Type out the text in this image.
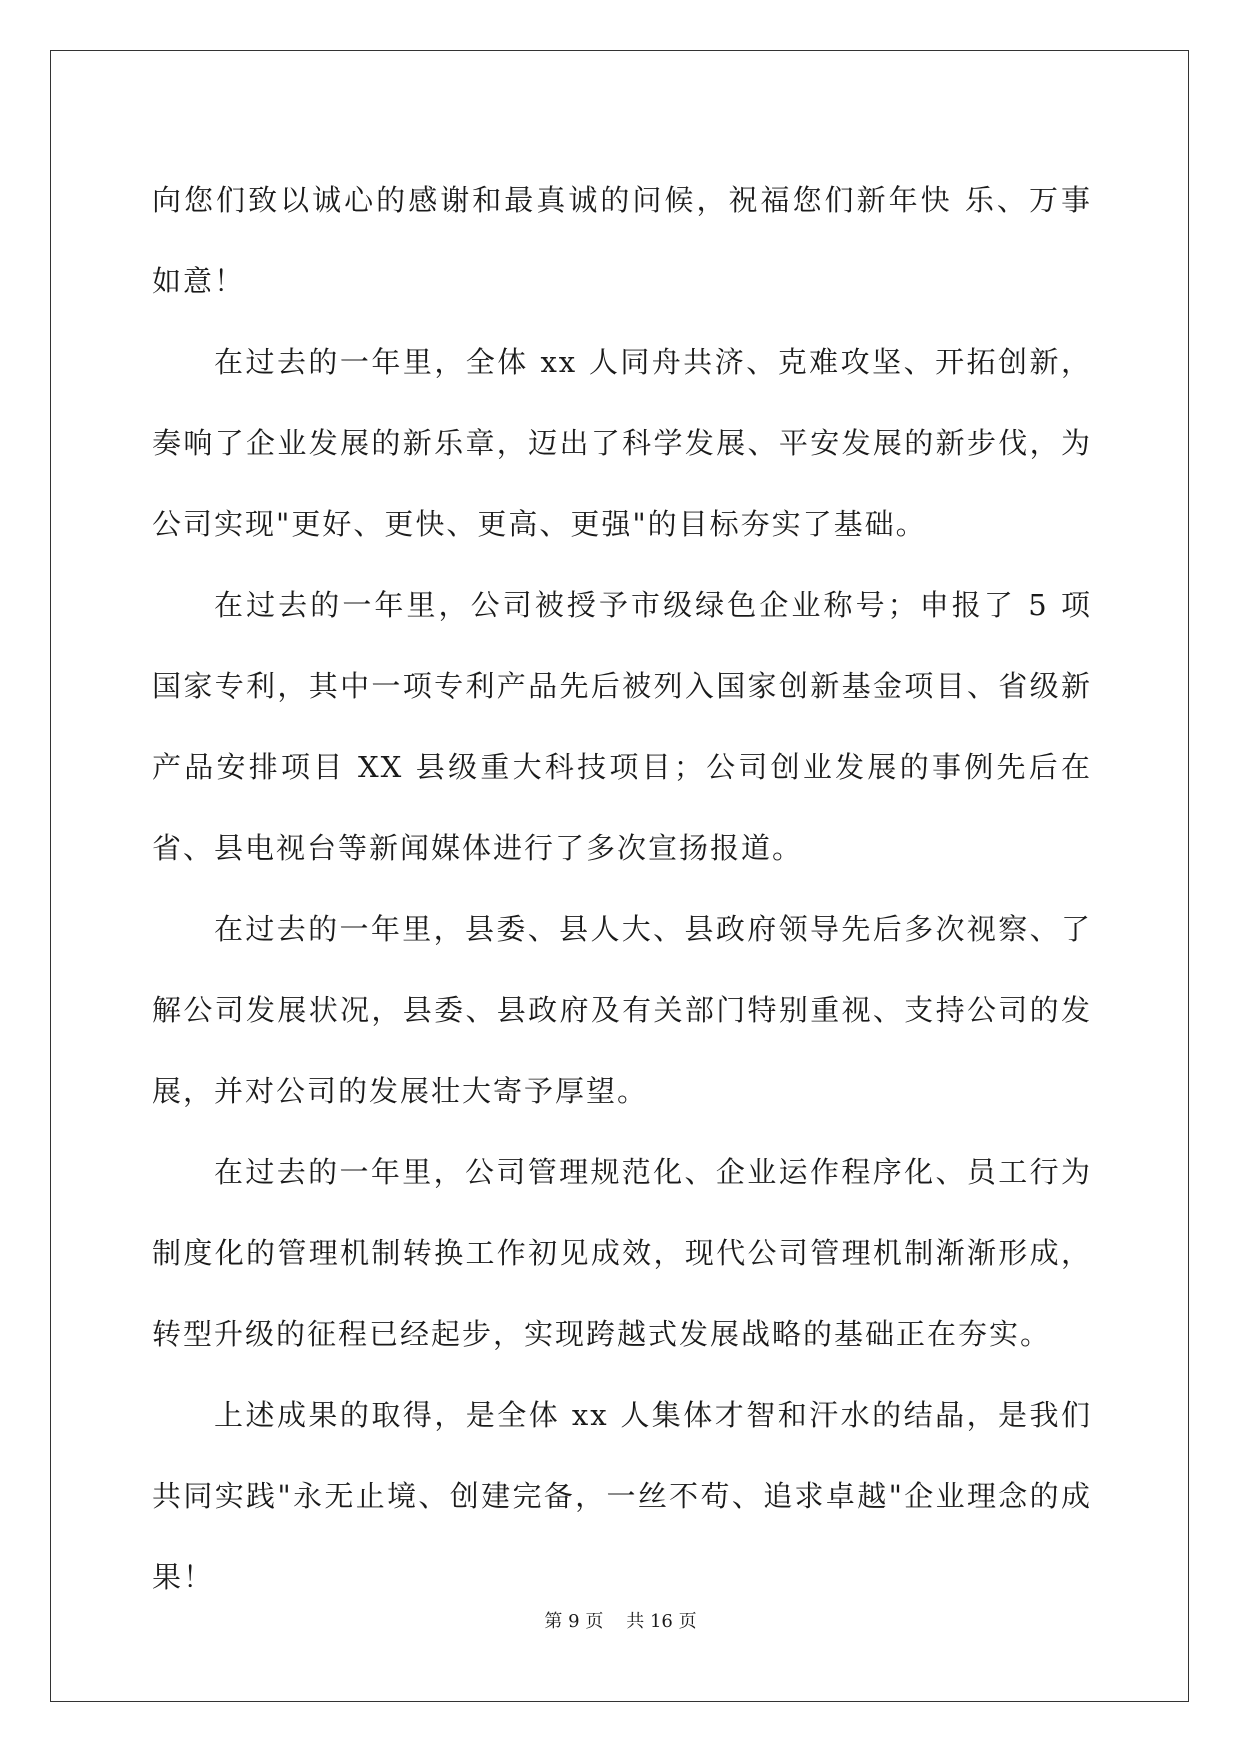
向您们致以诚心的感谢和最真诚的问候，祝福您们新年快 乐、万事如意！

在过去的一年里，全体 xx 人同舟共济、克难攻坚、开拓创新，奏响了企业发展的新乐章，迈出了科学发展、平安发展的新步伐，为公司实现"更好、更快、更高、更强"的目标夯实了基础。

在过去的一年里，公司被授予市级绿色企业称号；申报了 5 项国家专利，其中一项专利产品先后被列入国家创新基金项目、省级新产品安排项目 XX 县级重大科技项目；公司创业发展的事例先后在省、县电视台等新闻媒体进行了多次宣扬报道。

在过去的一年里，县委、县人大、县政府领导先后多次视察、了解公司发展状况，县委、县政府及有关部门特别重视、支持公司的发展，并对公司的发展壮大寄予厚望。

在过去的一年里，公司管理规范化、企业运作程序化、员工行为制度化的管理机制转换工作初见成效，现代公司管理机制渐渐形成，转型升级的征程已经起步，实现跨越式发展战略的基础正在夯实。

上述成果的取得，是全体 xx 人集体才智和汗水的结晶，是我们共同实践"永无止境、创建完备，一丝不苟、追求卓越"企业理念的成果！

第 9 页 共 16 页
